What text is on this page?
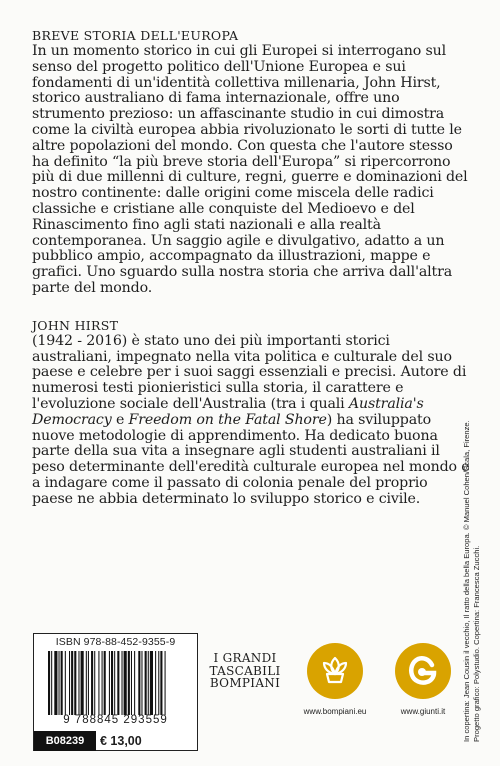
BREVE STORIA DELL'EUROPA

In un momento storico in cui gli Europei si interrogano sul senso del progetto politico dell'Unione Europea e sui fondamenti di un'identità collettiva millenaria, John Hirst, storico australiano di fama internazionale, offre uno strumento prezioso: un affascinante studio in cui dimostra come la civiltà europea abbia rivoluzionato le sorti di tutte le altre popolazioni del mondo. Con questa che l'autore stesso ha definito “la più breve storia dell'Europa” si ripercorrono più di due millenni di culture, regni, guerre e dominazioni del nostro continente: dalle origini come miscela delle radici classiche e cristiane alle conquiste del Medioevo e del Rinascimento fino agli stati nazionali e alla realtà contemporanea. Un saggio agile e divulgativo, adatto a un pubblico ampio, accompagnato da illustrazioni, mappe e grafici. Uno sguardo sulla nostra storia che arriva dall'altra parte del mondo.

JOHN HIRST

(1942 - 2016) è stato uno dei più importanti storici australiani, impegnato nella vita politica e culturale del suo paese e celebre per i suoi saggi essenziali e precisi. Autore di numerosi testi pionieristici sulla storia, il carattere e l'evoluzione sociale dell'Australia (tra i quali Australia's Democracy e Freedom on the Fatal Shore) ha sviluppato nuove metodologie di apprendimento. Ha dedicato buona parte della sua vita a insegnare agli studenti australiani il peso determinante dell'eredità culturale europea nel mondo e a indagare come il passato di colonia penale del proprio paese ne abbia determinato lo sviluppo storico e civile.	In copertina: Jean Cousin il vecchio, Il ratto della bella Europa. © Manuel Cohen/Scala, Firenze. Progetto grafico: Polystudio. Copertina: Francesca Zucchi.
ISBN 978-88-452-9355-9
9 788845 293559
B08239	€ 13,00
I GRANDI
TASCABILI
BOMPIANI
www.bompiani.eu	www.giunti.it
